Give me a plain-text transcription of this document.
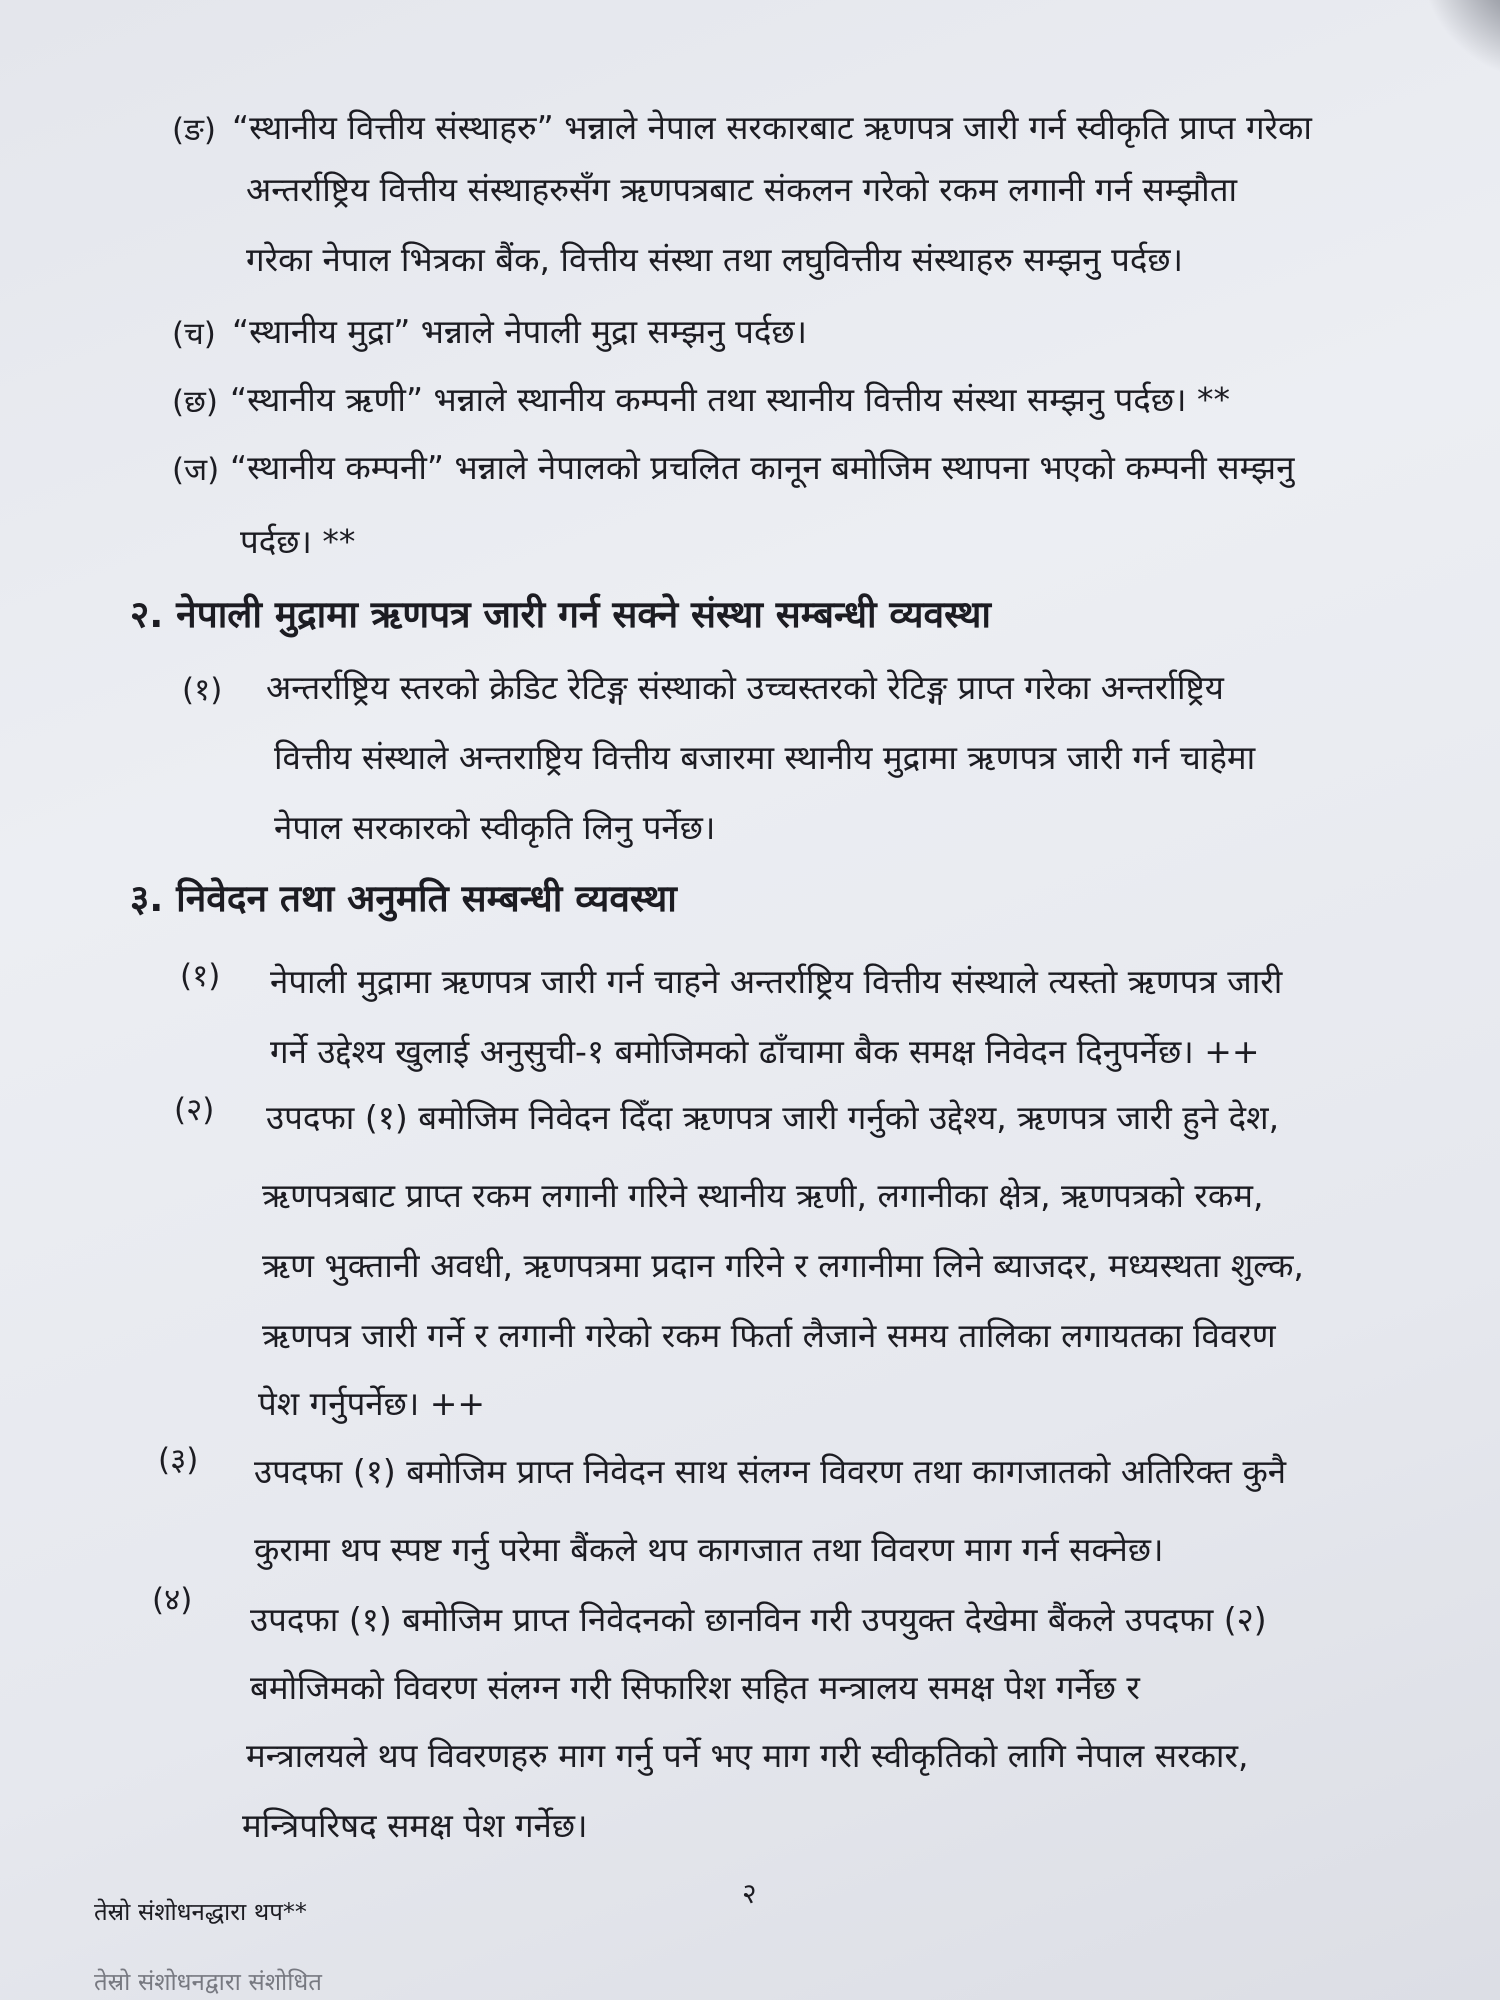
(ङ) “स्थानीय वित्तीय संस्थाहरु” भन्नाले नेपाल सरकारबाट ऋणपत्र जारी गर्न स्वीकृति प्राप्त गरेका
अन्तर्राष्ट्रिय वित्तीय संस्थाहरुसँग ऋणपत्रबाट संकलन गरेको रकम लगानी गर्न सम्झौता
गरेका नेपाल भित्रका बैंक, वित्तीय संस्था तथा लघुवित्तीय संस्थाहरु सम्झनु पर्दछ।
(च) “स्थानीय मुद्रा” भन्नाले नेपाली मुद्रा सम्झनु पर्दछ।
(छ) “स्थानीय ऋणी” भन्नाले स्थानीय कम्पनी तथा स्थानीय वित्तीय संस्था सम्झनु पर्दछ। **
(ज) “स्थानीय कम्पनी” भन्नाले नेपालको प्रचलित कानून बमोजिम स्थापना भएको कम्पनी सम्झनु
पर्दछ। **
२. नेपाली मुद्रामा ऋणपत्र जारी गर्न सक्ने संस्था सम्बन्धी व्यवस्था
(१) अन्तर्राष्ट्रिय स्तरको क्रेडिट रेटिङ्ग संस्थाको उच्चस्तरको रेटिङ्ग प्राप्त गरेका अन्तर्राष्ट्रिय
वित्तीय संस्थाले अन्तराष्ट्रिय वित्तीय बजारमा स्थानीय मुद्रामा ऋणपत्र जारी गर्न चाहेमा
नेपाल सरकारको स्वीकृति लिनु पर्नेछ।
३. निवेदन तथा अनुमति सम्बन्धी व्यवस्था
(१) नेपाली मुद्रामा ऋणपत्र जारी गर्न चाहने अन्तर्राष्ट्रिय वित्तीय संस्थाले त्यस्तो ऋणपत्र जारी
गर्ने उद्देश्य खुलाई अनुसुची-१ बमोजिमको ढाँचामा बैक समक्ष निवेदन दिनुपर्नेछ। ++
(२) उपदफा (१) बमोजिम निवेदन दिँदा ऋणपत्र जारी गर्नुको उद्देश्य, ऋणपत्र जारी हुने देश,
ऋणपत्रबाट प्राप्त रकम लगानी गरिने स्थानीय ऋणी, लगानीका क्षेत्र, ऋणपत्रको रकम,
ऋण भुक्तानी अवधी, ऋणपत्रमा प्रदान गरिने र लगानीमा लिने ब्याजदर, मध्यस्थता शुल्क,
ऋणपत्र जारी गर्ने र लगानी गरेको रकम फिर्ता लैजाने समय तालिका लगायतका विवरण
पेश गर्नुपर्नेछ। ++
(३) उपदफा (१) बमोजिम प्राप्त निवेदन साथ संलग्न विवरण तथा कागजातको अतिरिक्त कुनै
कुरामा थप स्पष्ट गर्नु परेमा बैंकले थप कागजात तथा विवरण माग गर्न सक्नेछ।
(४) उपदफा (१) बमोजिम प्राप्त निवेदनको छानविन गरी उपयुक्त देखेमा बैंकले उपदफा (२)
बमोजिमको विवरण संलग्न गरी सिफारिश सहित मन्त्रालय समक्ष पेश गर्नेछ र
मन्त्रालयले थप विवरणहरु माग गर्नु पर्ने भए माग गरी स्वीकृतिको लागि नेपाल सरकार,
मन्त्रिपरिषद समक्ष पेश गर्नेछ।
२
तेस्रो संशोधनद्धारा थप**
तेस्रो संशोधनद्वारा संशोधित
